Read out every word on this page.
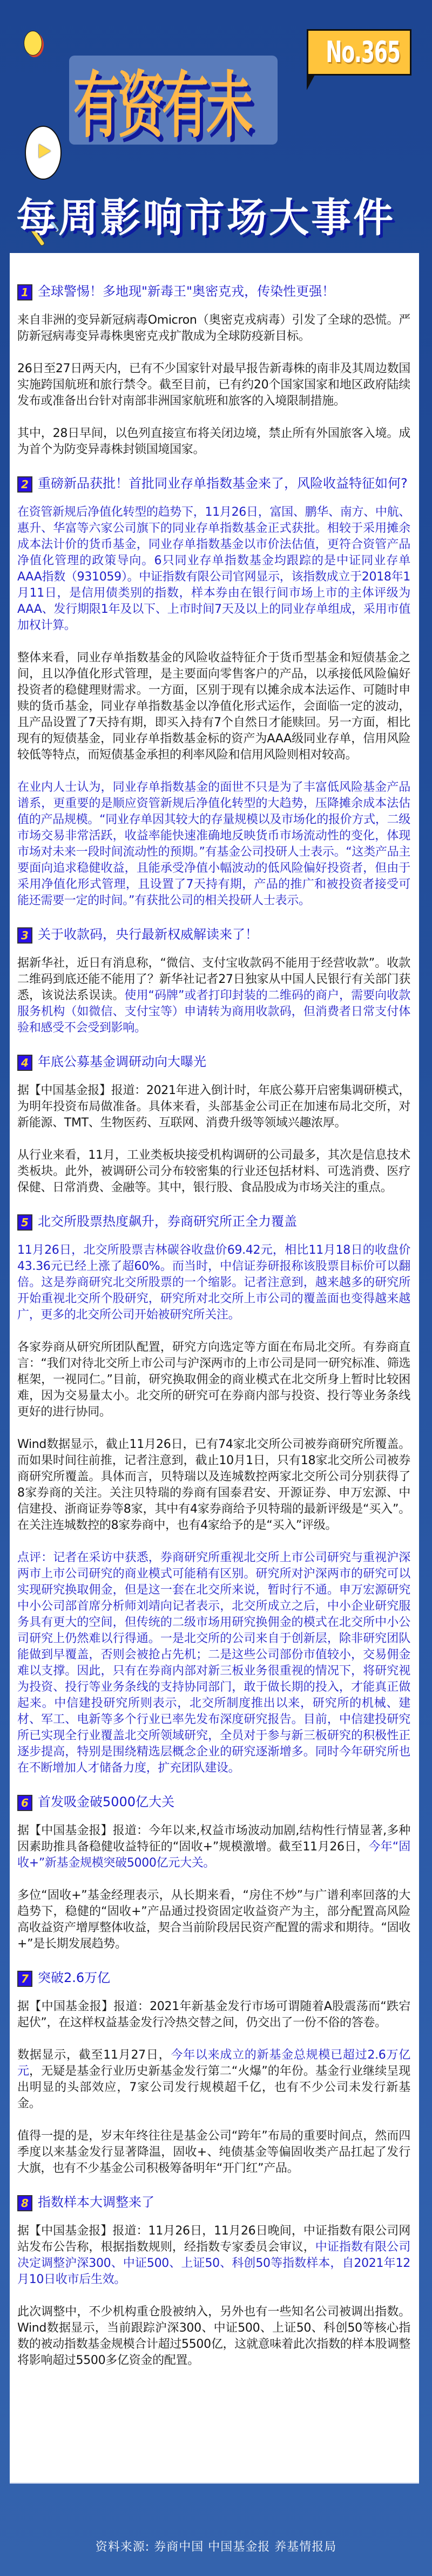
有资有未
No.365
每周影响市场大事件
1 全球警惕！多地现"新毒王"奥密克戎，传染性更强！

来自非洲的变异新冠病毒Omicron（奥密克戎病毒）引发了全球的恐慌。严防新冠病毒变异毒株奥密克戎扩散成为全球防疫新目标。

26日至27日两天内，已有不少国家针对最早报告新毒株的南非及其周边数国实施跨国航班和旅行禁令。截至目前，已有约20个国家国家和地区政府陆续发布或准备出台针对南部非洲国家航班和旅客的入境限制措施。

其中，28日早间，以色列直接宣布将关闭边境，禁止所有外国旅客入境。成为首个为防变异毒株封锁国境国家。

2 重磅新品获批！首批同业存单指数基金来了，风险收益特征如何?

在资管新规后净值化转型的趋势下，11月26日，富国、鹏华、南方、中航、惠升、华富等六家公司旗下的同业存单指数基金正式获批。相较于采用摊余成本法计价的货币基金，同业存单指数基金以市价法估值，更符合资管产品净值化管理的政策导向。6只同业存单指数基金均跟踪的是中证同业存单AAA指数（931059）。中证指数有限公司官网显示，该指数成立于2018年1月11日，是信用债类别的指数，样本券由在银行间市场上市的主体评级为AAA、发行期限1年及以下、上市时间7天及以上的同业存单组成，采用市值加权计算。

整体来看，同业存单指数基金的风险收益特征介于货币型基金和短债基金之间，且以净值化形式管理，是主要面向零售客户的产品，以承接低风险偏好投资者的稳健理财需求。一方面，区别于现有以摊余成本法运作、可随时申赎的货币基金，同业存单指数基金以净值化形式运作，会面临一定的波动，且产品设置了7天持有期，即买入持有7个自然日才能赎回。另一方面，相比现有的短债基金，同业存单指数基金标的资产为AAA级同业存单，信用风险较低等特点，而短债基金承担的利率风险和信用风险则相对较高。

在业内人士认为，同业存单指数基金的面世不只是为了丰富低风险基金产品谱系，更重要的是顺应资管新规后净值化转型的大趋势，压降摊余成本法估值的产品规模。“同业存单因其较大的存量规模以及市场化的报价方式，二级市场交易非常活跃，收益率能快速准确地反映货币市场流动性的变化，体现市场对未来一段时间流动性的预期。”有基金公司投研人士表示。“这类产品主要面向追求稳健收益，且能承受净值小幅波动的低风险偏好投资者，但由于采用净值化形式管理，且设置了7天持有期，产品的推广和被投资者接受可能还需要一定的时间。”有获批公司的相关投研人士表示。

3 关于收款码，央行最新权威解读来了！

据新华社，近日有消息称，“微信、支付宝收款码不能用于经营收款”。收款二维码到底还能不能用了？新华社记者27日独家从中国人民银行有关部门获悉，该说法系误读。使用“码牌”或者打印封装的二维码的商户，需要向收款服务机构（如微信、支付宝等）申请转为商用收款码，但消费者日常支付体验和感受不会受到影响。

4 年底公募基金调研动向大曝光

据【中国基金报】报道：2021年进入倒计时，年底公募开启密集调研模式，为明年投资布局做准备。具体来看，头部基金公司正在加速布局北交所，对新能源、TMT、生物医药、互联网、消费升级等领域兴趣浓厚。

从行业来看，11月，工业类板块接受机构调研的公司最多，其次是信息技术类板块。此外，被调研公司分布较密集的行业还包括材料、可选消费、医疗保健、日常消费、金融等。其中，银行股、食品股成为市场关注的重点。

5 北交所股票热度飙升，券商研究所正全力覆盖

11月26日，北交所股票吉林碳谷收盘价69.42元，相比11月18日的收盘价43.36元已经上涨了超60%。而当时，中信证券研报称该股票目标价可以翻倍。这是券商研究北交所股票的一个缩影。记者注意到，越来越多的研究所开始重视北交所个股研究，研究所对北交所上市公司的覆盖面也变得越来越广，更多的北交所公司开始被研究所关注。

各家券商从研究所团队配置，研究方向选定等方面在布局北交所。有券商直言：“我们对待北交所上市公司与沪深两市的上市公司是同一研究标准、筛选框架，一视同仁。”目前，研究换取佣金的商业模式在北交所身上暂时比较困难，因为交易量太小。北交所的研究可在券商内部与投资、投行等业务条线更好的进行协同。

Wind数据显示，截止11月26日，已有74家北交所公司被券商研究所覆盖。而如果时间往前推，记者注意到，截止10月1日，只有18家北交所公司被券商研究所覆盖。具体而言，贝特瑞以及连城数控两家北交所公司分别获得了8家券商的关注。关注贝特瑞的券商有国泰君安、开源证券、申万宏源、中信建投、浙商证券等8家，其中有4家券商给予贝特瑞的最新评级是“买入”。在关注连城数控的8家券商中，也有4家给予的是“买入”评级。

点评：记者在采访中获悉，券商研究所重视北交所上市公司研究与重视沪深两市上市公司研究的商业模式可能稍有区别。研究所对沪深两市的研究可以实现研究换取佣金，但是这一套在北交所来说，暂时行不通。申万宏源研究中小公司部首席分析师刘靖向记者表示，北交所成立之后，中小企业研究服务具有更大的空间，但传统的二级市场用研究换佣金的模式在北交所中小公司研究上仍然难以行得通。一是北交所的公司来自于创新层，除非研究团队能做到早覆盖，否则会被抢占先机；二是这些公司部份市值较小，交易佣金难以支撑。因此，只有在券商内部对新三板业务很重视的情况下，将研究视为投资、投行等业务条线的支持协同部门，敢于做长期的投入，才能真正做起来。中信建投研究所则表示，北交所制度推出以来，研究所的机械、建材、军工、电新等多个行业已率先发布深度研究报告。目前，中信建投研究所已实现全行业覆盖北交所领域研究，全员对于参与新三板研究的积极性正逐步提高，特别是围绕精选层概念企业的研究逐渐增多。同时今年研究所也在不断增加人才储备力度，扩充团队建设。

6 首发吸金破5000亿大关

据【中国基金报】报道：今年以来,权益市场波动加剧,结构性行情显著,多种因素助推具备稳健收益特征的“固收+”规模激增。截至11月26日，今年“固收+”新基金规模突破5000亿元大关。

多位“固收+”基金经理表示，从长期来看，“房住不炒”与广谱利率回落的大趋势下，稳健的“固收+”产品通过投资固定收益资产为主，部分配置高风险高收益资产增厚整体收益，契合当前阶段居民资产配置的需求和期待。“固收+”是长期发展趋势。

7 突破2.6万亿

据【中国基金报】报道：2021年新基金发行市场可谓随着A股震荡而“跌宕起伏”，在这样权益基金发行冷热交替之间，仍交出了一份不俗的答卷。

数据显示，截至11月27日，今年以来成立的新基金总规模已超过2.6万亿元，无疑是基金行业历史新基金发行第二“火爆”的年份。基金行业继续呈现出明显的头部效应，7家公司发行规模超千亿，也有不少公司未发行新基金。

值得一提的是，岁末年终往往是基金公司“跨年”布局的重要时间点，然而四季度以来基金发行显著降温，固收+、纯债基金等偏固收类产品扛起了发行大旗，也有不少基金公司积极筹备明年“开门红”产品。

8 指数样本大调整来了

据【中国基金报】报道：11月26日，11月26日晚间，中证指数有限公司网站发布公告称，根据指数规则，经指数专家委员会审议，中证指数有限公司决定调整沪深300、中证500、上证50、科创50等指数样本，自2021年12月10日收市后生效。

此次调整中，不少机构重仓股被纳入，另外也有一些知名公司被调出指数。Wind数据显示，当前跟踪沪深300、中证500、上证50、科创50等核心指数的被动指数基金规模合计超过5500亿，这就意味着此次指数的样本股调整将影响超过5500多亿资金的配置。

资料来源: 券商中国 中国基金报 养基情报局
